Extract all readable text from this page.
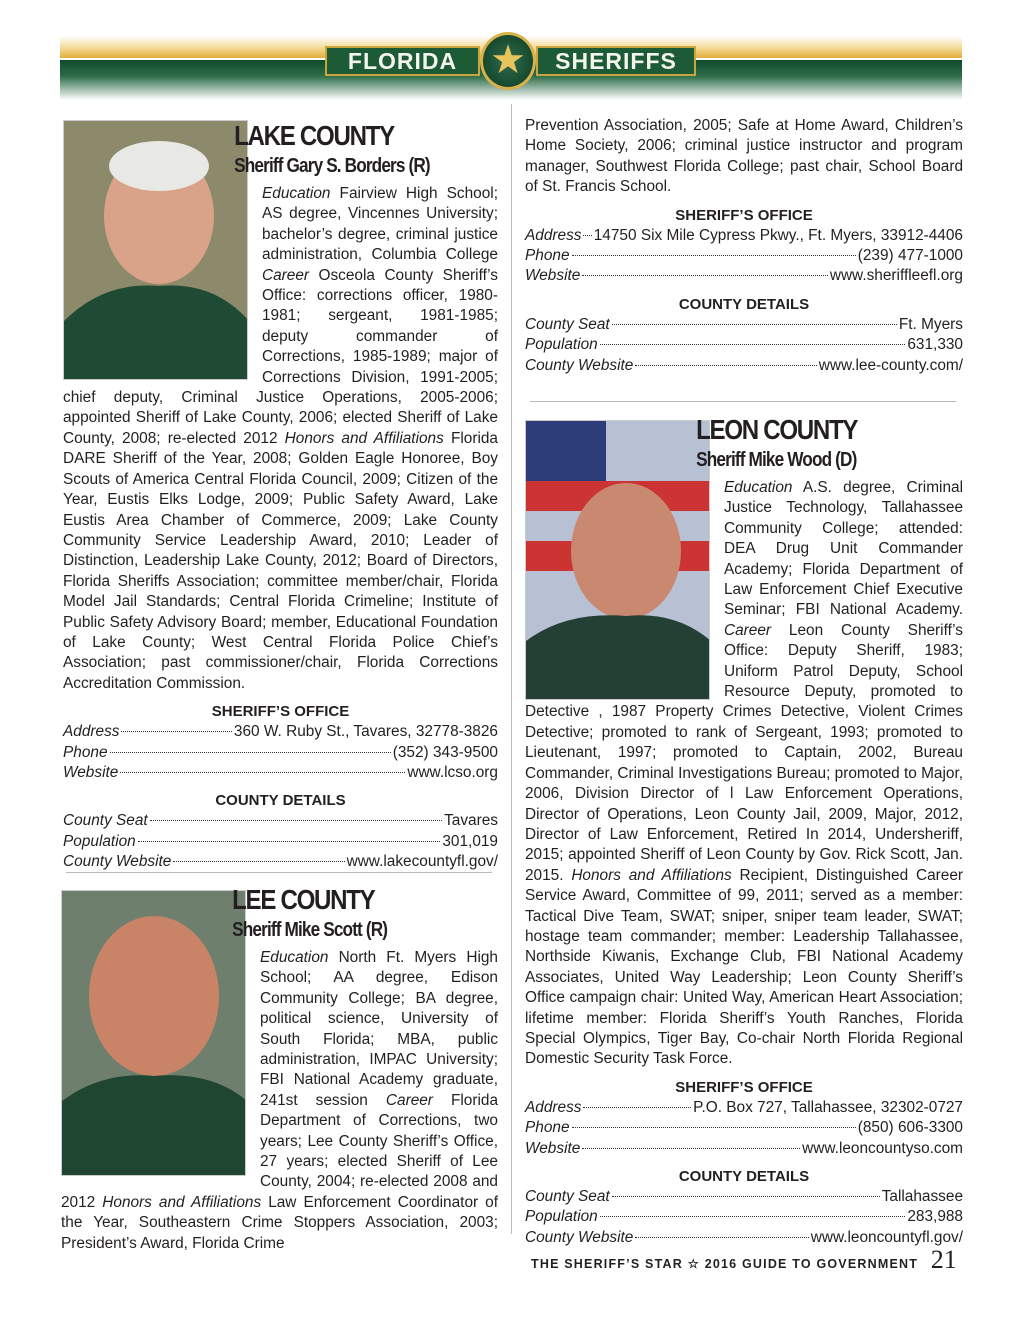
FLORIDA	SHERIFFS
★
LAKE COUNTY
Sheriff Gary S. Borders (R)
Education Fairview High School; AS degree, Vincennes University; bachelor’s degree, criminal justice administration, Columbia College Career Osceola County Sheriff’s Office: corrections officer, 1980-1981; sergeant, 1981-1985; deputy commander of Corrections, 1985-1989; major of Corrections Division, 1991-2005; chief deputy, Criminal Justice Operations, 2005-2006; appointed Sheriff of Lake County, 2006; elected Sheriff of Lake County, 2008; re-elected 2012 Honors and Affiliations Florida DARE Sheriff of the Year, 2008; Golden Eagle Honoree, Boy Scouts of America Central Florida Council, 2009; Citizen of the Year, Eustis Elks Lodge, 2009; Public Safety Award, Lake Eustis Area Chamber of Commerce, 2009; Lake County Community Service Leadership Award, 2010; Leader of Distinction, Leadership Lake County, 2012; Board of Directors, Florida Sheriffs Association; committee member/chair, Florida Model Jail Standards; Central Florida Crimeline; Institute of Public Safety Advisory Board; member, Educational Foundation of Lake County; West Central Florida Police Chief’s Association; past commissioner/chair, Florida Corrections Accreditation Commission.
SHERIFF’S OFFICE
Address	360 W. Ruby St., Tavares, 32778-3826
Phone	(352) 343-9500
Website	www.lcso.org
COUNTY DETAILS
County Seat	Tavares
Population	301,019
County Website	www.lakecountyfl.gov/
LEE COUNTY
Sheriff Mike Scott (R)
Education North Ft. Myers High School; AA degree, Edison Community College; BA degree, political science, University of South Florida; MBA, public administration, IMPAC University; FBI National Academy graduate, 241st session Career Florida Department of Corrections, two years; Lee County Sheriff’s Office, 27 years; elected Sheriff of Lee County, 2004; re-elected 2008 and 2012 Honors and Affiliations Law Enforcement Coordinator of the Year, Southeastern Crime Stoppers Association, 2003; President’s Award, Florida Crime
Prevention Association, 2005; Safe at Home Award, Children’s Home Society, 2006; criminal justice instructor and program manager, Southwest Florida College; past chair, School Board of St. Francis School.
SHERIFF’S OFFICE
Address 14750 Six Mile Cypress Pkwy., Ft. Myers, 33912-4406
Phone	(239) 477-1000
Website	www.sheriffleefl.org
COUNTY DETAILS
County Seat	Ft. Myers
Population	631,330
County Website	www.lee-county.com/
LEON COUNTY
Sheriff Mike Wood (D)
Education A.S. degree, Criminal Justice Technology, Tallahassee Community College; attended: DEA Drug Unit Commander Academy; Florida Department of Law Enforcement Chief Executive Seminar; FBI National Academy. Career Leon County Sheriff’s Office: Deputy Sheriff, 1983; Uniform Patrol Deputy, School Resource Deputy, promoted to Detective , 1987 Property Crimes Detective, Violent Crimes Detective; promoted to rank of Sergeant, 1993; promoted to Lieutenant, 1997; promoted to Captain, 2002, Bureau Commander, Criminal Investigations Bureau; promoted to Major, 2006, Division Director of l Law Enforcement Operations, Director of Operations, Leon County Jail, 2009, Major, 2012, Director of Law Enforcement, Retired In 2014, Undersheriff, 2015; appointed Sheriff of Leon County by Gov. Rick Scott, Jan. 2015. Honors and Affiliations Recipient, Distinguished Career Service Award, Committee of 99, 2011; served as a member: Tactical Dive Team, SWAT; sniper, sniper team leader, SWAT; hostage team commander; member: Leadership Tallahassee, Northside Kiwanis, Exchange Club, FBI National Academy Associates, United Way Leadership; Leon County Sheriff’s Office campaign chair: United Way, American Heart Association; lifetime member: Florida Sheriff’s Youth Ranches, Florida Special Olympics, Tiger Bay, Co-chair North Florida Regional Domestic Security Task Force.
SHERIFF’S OFFICE
Address	P.O. Box 727, Tallahassee, 32302-0727
Phone	(850) 606-3300
Website	www.leoncountyso.com
COUNTY DETAILS
County Seat	Tallahassee
Population	283,988
County Website	www.leoncountyfl.gov/
THE SHERIFF’S STAR ☆ 2016 GUIDE TO GOVERNMENT 21
